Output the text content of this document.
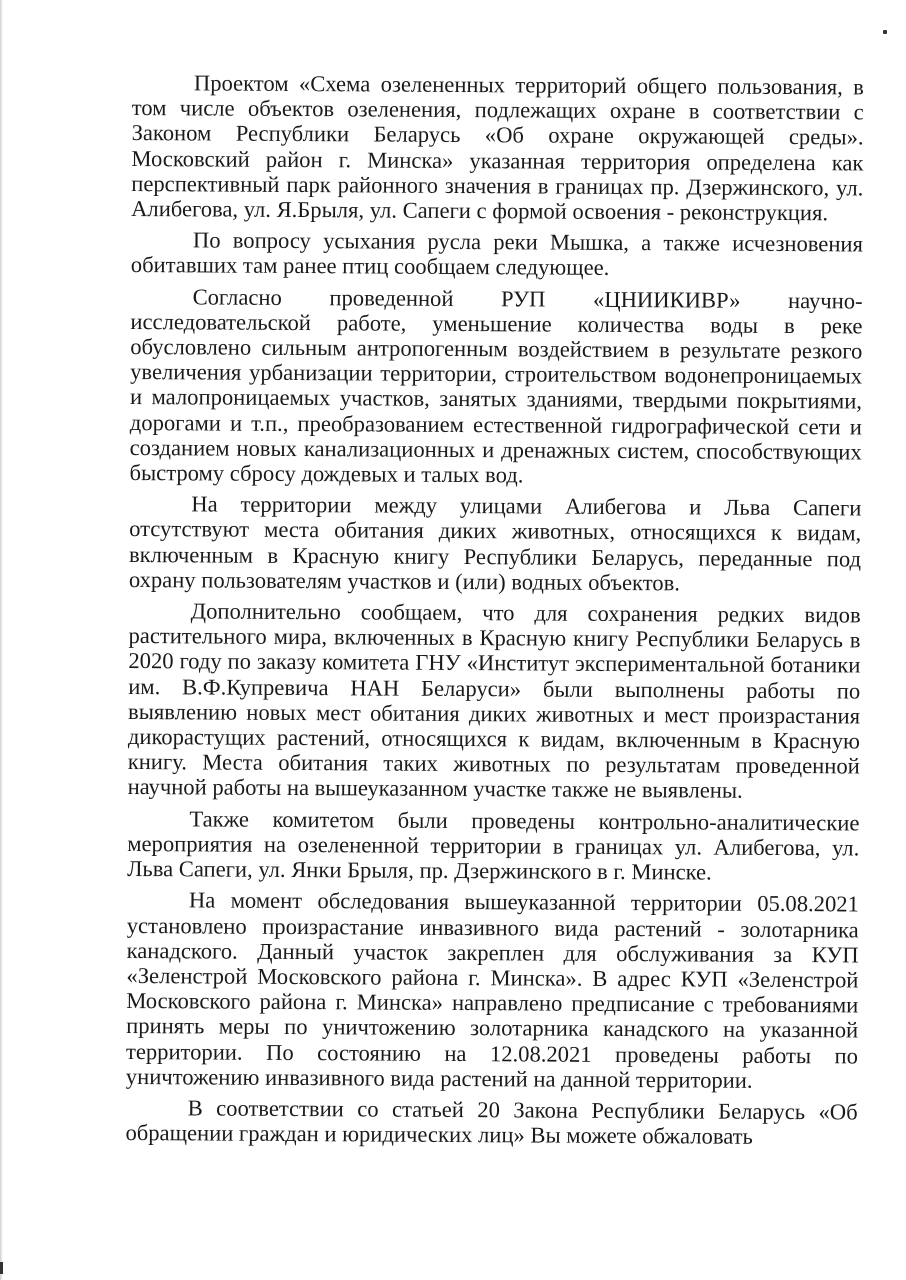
Проектом «Схема озелененных территорий общего пользования, в том числе объектов озеленения, подлежащих охране в соответствии с Законом Республики Беларусь «Об охране окружающей среды». Московский район г. Минска» указанная территория определена как перспективный парк районного значения в границах пр. Дзержинского, ул. Алибегова, ул. Я.Брыля, ул. Сапеги с формой освоения - реконструкция.

По вопросу усыхания русла реки Мышка, а также исчезновения обитавших там ранее птиц сообщаем следующее.

Согласно проведенной РУП «ЦНИИКИВР» научно-исследовательской работе, уменьшение количества воды в реке обусловлено сильным антропогенным воздействием в результате резкого увеличения урбанизации территории, строительством водонепроницаемых и малопроницаемых участков, занятых зданиями, твердыми покрытиями, дорогами и т.п., преобразованием естественной гидрографической сети и созданием новых канализационных и дренажных систем, способствующих быстрому сбросу дождевых и талых вод.

На территории между улицами Алибегова и Льва Сапеги отсутствуют места обитания диких животных, относящихся к видам, включенным в Красную книгу Республики Беларусь, переданные под охрану пользователям участков и (или) водных объектов.

Дополнительно сообщаем, что для сохранения редких видов растительного мира, включенных в Красную книгу Республики Беларусь в 2020 году по заказу комитета ГНУ «Институт экспериментальной ботаники им. В.Ф.Купревича НАН Беларуси» были выполнены работы по выявлению новых мест обитания диких животных и мест произрастания дикорастущих растений, относящихся к видам, включенным в Красную книгу. Места обитания таких животных по результатам проведенной научной работы на вышеуказанном участке также не выявлены.

Также комитетом были проведены контрольно-аналитические мероприятия на озелененной территории в границах ул. Алибегова, ул. Льва Сапеги, ул. Янки Брыля, пр. Дзержинского в г. Минске.

На момент обследования вышеуказанной территории 05.08.2021 установлено произрастание инвазивного вида растений - золотарника канадского. Данный участок закреплен для обслуживания за КУП «Зеленстрой Московского района г. Минска». В адрес КУП «Зеленстрой Московского района г. Минска» направлено предписание с требованиями принять меры по уничтожению золотарника канадского на указанной территории. По состоянию на 12.08.2021 проведены работы по уничтожению инвазивного вида растений на данной территории.

В соответствии со статьей 20 Закона Республики Беларусь «Об обращении граждан и юридических лиц» Вы можете обжаловать
